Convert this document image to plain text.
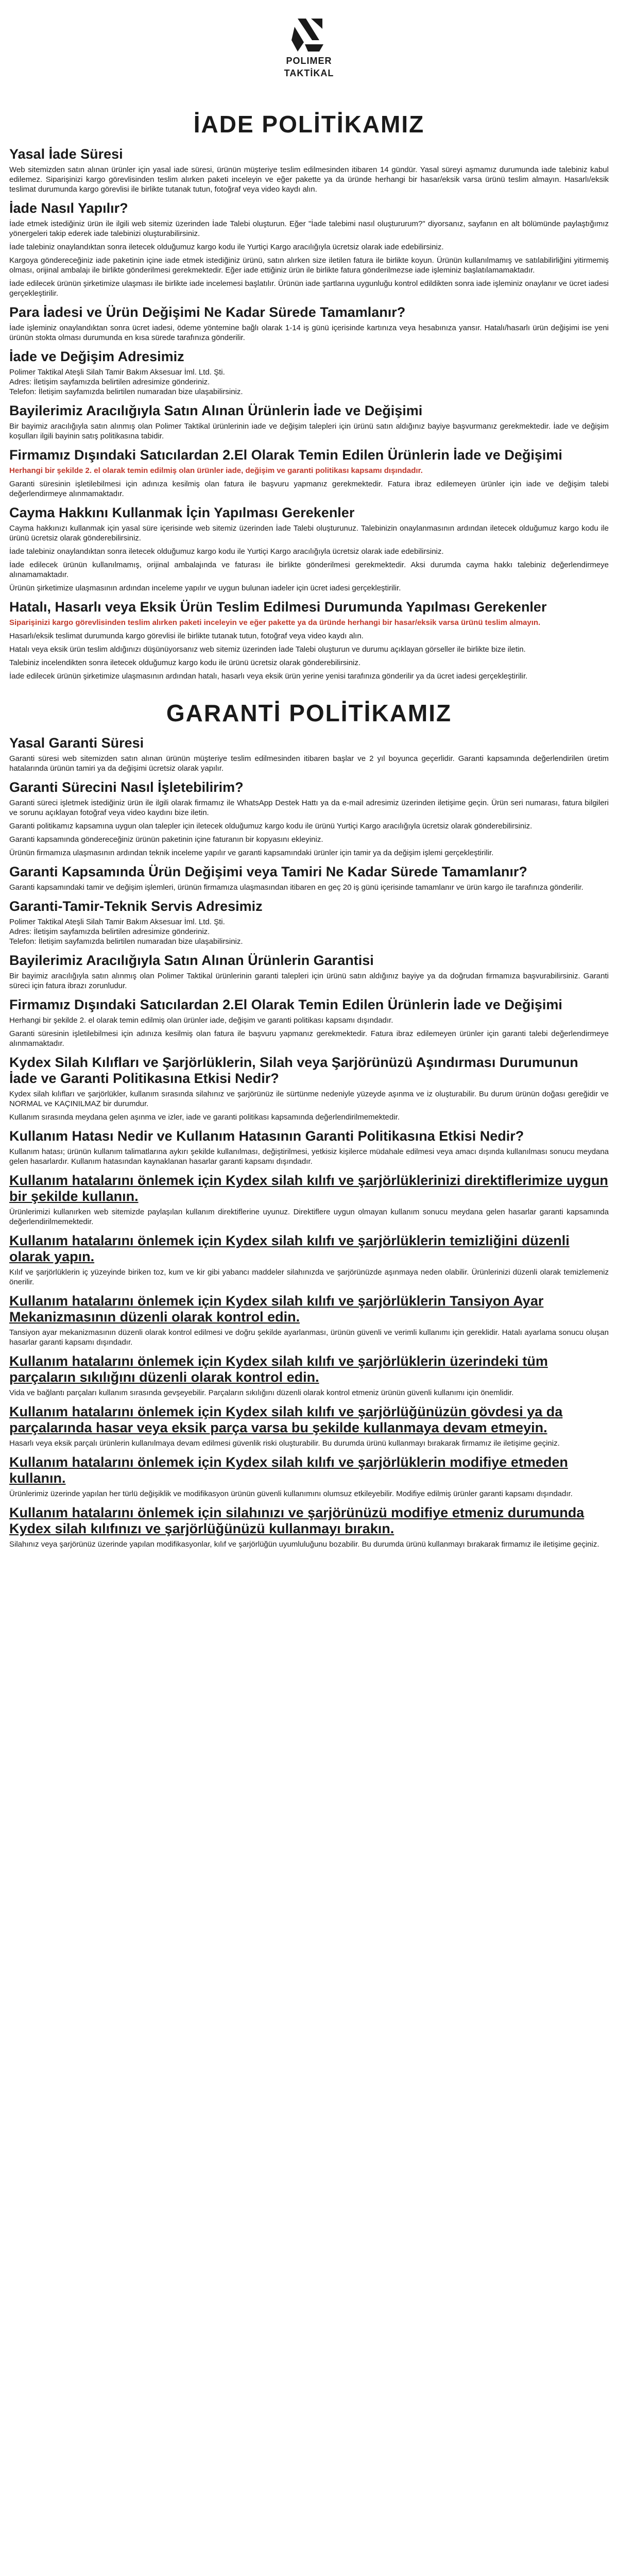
POLIMER
TAKTİKAL
İADE POLİTİKAMIZ
Yasal İade Süresi

Web sitemizden satın alınan ürünler için yasal iade süresi, ürünün müşteriye teslim edilmesinden itibaren 14 gündür. Yasal süreyi aşmamız durumunda iade talebiniz kabul edilemez. Siparişinizi kargo görevlisinden teslim alırken paketi inceleyin ve eğer pakette ya da üründe herhangi bir hasar/eksik varsa ürünü teslim almayın. Hasarlı/eksik teslimat durumunda kargo görevlisi ile birlikte tutanak tutun, fotoğraf veya video kaydı alın.

İade Nasıl Yapılır?

İade etmek istediğiniz ürün ile ilgili web sitemiz üzerinden İade Talebi oluşturun. Eğer "İade talebimi nasıl oluştururum?" diyorsanız, sayfanın en alt bölümünde paylaştığımız yönergeleri takip ederek iade talebinizi oluşturabilirsiniz.

İade talebiniz onaylandıktan sonra iletecek olduğumuz kargo kodu ile Yurtiçi Kargo aracılığıyla ücretsiz olarak iade edebilirsiniz.

Kargoya göndereceğiniz iade paketinin içine iade etmek istediğiniz ürünü, satın alırken size iletilen fatura ile birlikte koyun. Ürünün kullanılmamış ve satılabilirliğini yitirmemiş olması, orijinal ambalajı ile birlikte gönderilmesi gerekmektedir. Eğer iade ettiğiniz ürün ile birlikte fatura gönderilmezse iade işleminiz başlatılamamaktadır.

İade edilecek ürünün şirketimize ulaşması ile birlikte iade incelemesi başlatılır. Ürünün iade şartlarına uygunluğu kontrol edildikten sonra iade işleminiz onaylanır ve ücret iadesi gerçekleştirilir.

Para İadesi ve Ürün Değişimi Ne Kadar Sürede Tamamlanır?

İade işleminiz onaylandıktan sonra ücret iadesi, ödeme yöntemine bağlı olarak 1-14 iş günü içerisinde kartınıza veya hesabınıza yansır. Hatalı/hasarlı ürün değişimi ise yeni ürünün stokta olması durumunda en kısa sürede tarafınıza gönderilir.

İade ve Değişim Adresimiz

Polimer Taktikal Ateşli Silah Tamir Bakım Aksesuar İml. Ltd. Şti.

Adres: İletişim sayfamızda belirtilen adresimize gönderiniz.

Telefon: İletişim sayfamızda belirtilen numaradan bize ulaşabilirsiniz.

Bayilerimiz Aracılığıyla Satın Alınan Ürünlerin İade ve Değişimi

Bir bayimiz aracılığıyla satın alınmış olan Polimer Taktikal ürünlerinin iade ve değişim talepleri için ürünü satın aldığınız bayiye başvurmanız gerekmektedir. İade ve değişim koşulları ilgili bayinin satış politikasına tabidir.

Firmamız Dışındaki Satıcılardan 2.El Olarak Temin Edilen Ürünlerin İade ve Değişimi

Herhangi bir şekilde 2. el olarak temin edilmiş olan ürünler iade, değişim ve garanti politikası kapsamı dışındadır.

Garanti süresinin işletilebilmesi için adınıza kesilmiş olan fatura ile başvuru yapmanız gerekmektedir. Fatura ibraz edilemeyen ürünler için iade ve değişim talebi değerlendirmeye alınmamaktadır.

Cayma Hakkını Kullanmak İçin Yapılması Gerekenler

Cayma hakkınızı kullanmak için yasal süre içerisinde web sitemiz üzerinden İade Talebi oluşturunuz. Talebinizin onaylanmasının ardından iletecek olduğumuz kargo kodu ile ürünü ücretsiz olarak gönderebilirsiniz.

İade talebiniz onaylandıktan sonra iletecek olduğumuz kargo kodu ile Yurtiçi Kargo aracılığıyla ücretsiz olarak iade edebilirsiniz.

İade edilecek ürünün kullanılmamış, orijinal ambalajında ve faturası ile birlikte gönderilmesi gerekmektedir. Aksi durumda cayma hakkı talebiniz değerlendirmeye alınamamaktadır.

Ürünün şirketimize ulaşmasının ardından inceleme yapılır ve uygun bulunan iadeler için ücret iadesi gerçekleştirilir.

Hatalı, Hasarlı veya Eksik Ürün Teslim Edilmesi Durumunda Yapılması Gerekenler

Siparişinizi kargo görevlisinden teslim alırken paketi inceleyin ve eğer pakette ya da üründe herhangi bir hasar/eksik varsa ürünü teslim almayın.

Hasarlı/eksik teslimat durumunda kargo görevlisi ile birlikte tutanak tutun, fotoğraf veya video kaydı alın.

Hatalı veya eksik ürün teslim aldığınızı düşünüyorsanız web sitemiz üzerinden İade Talebi oluşturun ve durumu açıklayan görseller ile birlikte bize iletin.

Talebiniz incelendikten sonra iletecek olduğumuz kargo kodu ile ürünü ücretsiz olarak gönderebilirsiniz.

İade edilecek ürünün şirketimize ulaşmasının ardından hatalı, hasarlı veya eksik ürün yerine yenisi tarafınıza gönderilir ya da ücret iadesi gerçekleştirilir.

GARANTİ POLİTİKAMIZ
Yasal Garanti Süresi

Garanti süresi web sitemizden satın alınan ürünün müşteriye teslim edilmesinden itibaren başlar ve 2 yıl boyunca geçerlidir. Garanti kapsamında değerlendirilen üretim hatalarında ürünün tamiri ya da değişimi ücretsiz olarak yapılır.

Garanti Sürecini Nasıl İşletebilirim?

Garanti süreci işletmek istediğiniz ürün ile ilgili olarak firmamız ile WhatsApp Destek Hattı ya da e-mail adresimiz üzerinden iletişime geçin. Ürün seri numarası, fatura bilgileri ve sorunu açıklayan fotoğraf veya video kaydını bize iletin.

Garanti politikamız kapsamına uygun olan talepler için iletecek olduğumuz kargo kodu ile ürünü Yurtiçi Kargo aracılığıyla ücretsiz olarak gönderebilirsiniz.

Garanti kapsamında göndereceğiniz ürünün paketinin içine faturanın bir kopyasını ekleyiniz.

Ürünün firmamıza ulaşmasının ardından teknik inceleme yapılır ve garanti kapsamındaki ürünler için tamir ya da değişim işlemi gerçekleştirilir.

Garanti Kapsamında Ürün Değişimi veya Tamiri Ne Kadar Sürede Tamamlanır?

Garanti kapsamındaki tamir ve değişim işlemleri, ürünün firmamıza ulaşmasından itibaren en geç 20 iş günü içerisinde tamamlanır ve ürün kargo ile tarafınıza gönderilir.

Garanti-Tamir-Teknik Servis Adresimiz

Polimer Taktikal Ateşli Silah Tamir Bakım Aksesuar İml. Ltd. Şti.

Adres: İletişim sayfamızda belirtilen adresimize gönderiniz.

Telefon: İletişim sayfamızda belirtilen numaradan bize ulaşabilirsiniz.

Bayilerimiz Aracılığıyla Satın Alınan Ürünlerin Garantisi

Bir bayimiz aracılığıyla satın alınmış olan Polimer Taktikal ürünlerinin garanti talepleri için ürünü satın aldığınız bayiye ya da doğrudan firmamıza başvurabilirsiniz. Garanti süreci için fatura ibrazı zorunludur.

Firmamız Dışındaki Satıcılardan 2.El Olarak Temin Edilen Ürünlerin İade ve Değişimi

Herhangi bir şekilde 2. el olarak temin edilmiş olan ürünler iade, değişim ve garanti politikası kapsamı dışındadır.

Garanti süresinin işletilebilmesi için adınıza kesilmiş olan fatura ile başvuru yapmanız gerekmektedir. Fatura ibraz edilemeyen ürünler için garanti talebi değerlendirmeye alınmamaktadır.

Kydex Silah Kılıfları ve Şarjörlüklerin, Silah veya Şarjörünüzü Aşındırması Durumunun İade ve Garanti Politikasına Etkisi Nedir?

Kydex silah kılıfları ve şarjörlükler, kullanım sırasında silahınız ve şarjörünüz ile sürtünme nedeniyle yüzeyde aşınma ve iz oluşturabilir. Bu durum ürünün doğası gereğidir ve NORMAL ve KAÇINILMAZ bir durumdur.

Kullanım sırasında meydana gelen aşınma ve izler, iade ve garanti politikası kapsamında değerlendirilmemektedir.

Kullanım Hatası Nedir ve Kullanım Hatasının Garanti Politikasına Etkisi Nedir?

Kullanım hatası; ürünün kullanım talimatlarına aykırı şekilde kullanılması, değiştirilmesi, yetkisiz kişilerce müdahale edilmesi veya amacı dışında kullanılması sonucu meydana gelen hasarlardır. Kullanım hatasından kaynaklanan hasarlar garanti kapsamı dışındadır.

Kullanım hatalarını önlemek için Kydex silah kılıfı ve şarjörlüklerinizi direktiflerimize uygun bir şekilde kullanın.

Ürünlerimizi kullanırken web sitemizde paylaşılan kullanım direktiflerine uyunuz. Direktiflere uygun olmayan kullanım sonucu meydana gelen hasarlar garanti kapsamında değerlendirilmemektedir.

Kullanım hatalarını önlemek için Kydex silah kılıfı ve şarjörlüklerin temizliğini düzenli olarak yapın.

Kılıf ve şarjörlüklerin iç yüzeyinde biriken toz, kum ve kir gibi yabancı maddeler silahınızda ve şarjörünüzde aşınmaya neden olabilir. Ürünlerinizi düzenli olarak temizlemeniz önerilir.

Kullanım hatalarını önlemek için Kydex silah kılıfı ve şarjörlüklerin Tansiyon Ayar Mekanizmasının düzenli olarak kontrol edin.

Tansiyon ayar mekanizmasının düzenli olarak kontrol edilmesi ve doğru şekilde ayarlanması, ürünün güvenli ve verimli kullanımı için gereklidir. Hatalı ayarlama sonucu oluşan hasarlar garanti kapsamı dışındadır.

Kullanım hatalarını önlemek için Kydex silah kılıfı ve şarjörlüklerin üzerindeki tüm parçaların sıkılığını düzenli olarak kontrol edin.

Vida ve bağlantı parçaları kullanım sırasında gevşeyebilir. Parçaların sıkılığını düzenli olarak kontrol etmeniz ürünün güvenli kullanımı için önemlidir.

Kullanım hatalarını önlemek için Kydex silah kılıfı ve şarjörlüğünüzün gövdesi ya da parçalarında hasar veya eksik parça varsa bu şekilde kullanmaya devam etmeyin.

Hasarlı veya eksik parçalı ürünlerin kullanılmaya devam edilmesi güvenlik riski oluşturabilir. Bu durumda ürünü kullanmayı bırakarak firmamız ile iletişime geçiniz.

Kullanım hatalarını önlemek için Kydex silah kılıfı ve şarjörlüklerin modifiye etmeden kullanın.

Ürünlerimiz üzerinde yapılan her türlü değişiklik ve modifikasyon ürünün güvenli kullanımını olumsuz etkileyebilir. Modifiye edilmiş ürünler garanti kapsamı dışındadır.

Kullanım hatalarını önlemek için silahınızı ve şarjörünüzü modifiye etmeniz durumunda Kydex silah kılıfınızı ve şarjörlüğünüzü kullanmayı bırakın.

Silahınız veya şarjörünüz üzerinde yapılan modifikasyonlar, kılıf ve şarjörlüğün uyumluluğunu bozabilir. Bu durumda ürünü kullanmayı bırakarak firmamız ile iletişime geçiniz.
